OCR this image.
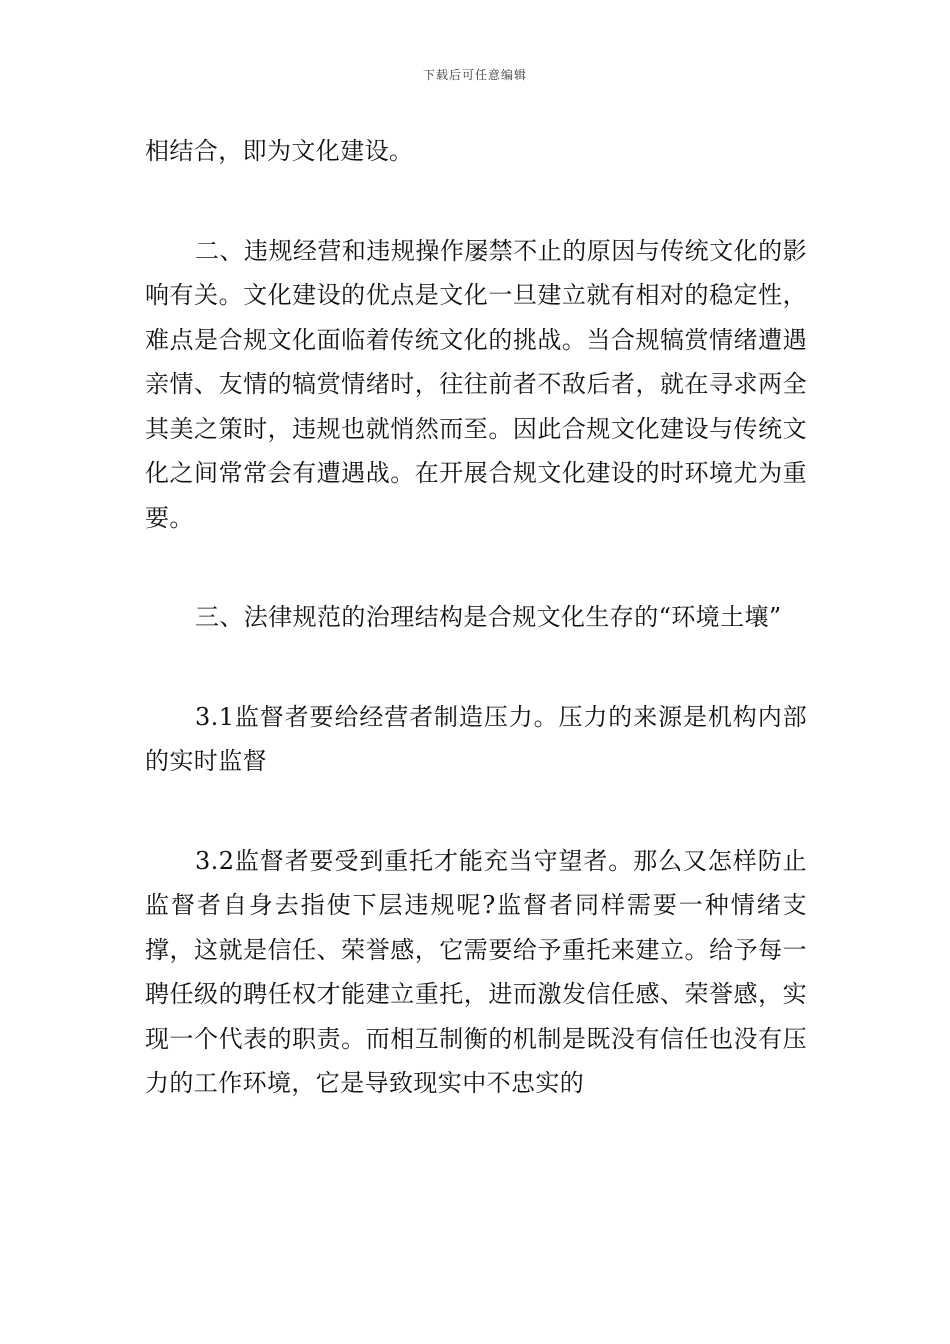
下载后可任意编辑

相结合，即为文化建设。

二、违规经营和违规操作屡禁不止的原因与传统文化的影响有关。文化建设的优点是文化一旦建立就有相对的稳定性，难点是合规文化面临着传统文化的挑战。当合规犒赏情绪遭遇亲情、友情的犒赏情绪时，往往前者不敌后者，就在寻求两全其美之策时，违规也就悄然而至。因此合规文化建设与传统文化之间常常会有遭遇战。在开展合规文化建设的时环境尤为重要。

三、法律规范的治理结构是合规文化生存的“环境土壤”

3.1监督者要给经营者制造压力。压力的来源是机构内部的实时监督

3.2监督者要受到重托才能充当守望者。那么又怎样防止监督者自身去指使下层违规呢?监督者同样需要一种情绪支撑，这就是信任、荣誉感，它需要给予重托来建立。给予每一聘任级的聘任权才能建立重托，进而激发信任感、荣誉感，实现一个代表的职责。而相互制衡的机制是既没有信任也没有压力的工作环境，它是导致现实中不忠实的
